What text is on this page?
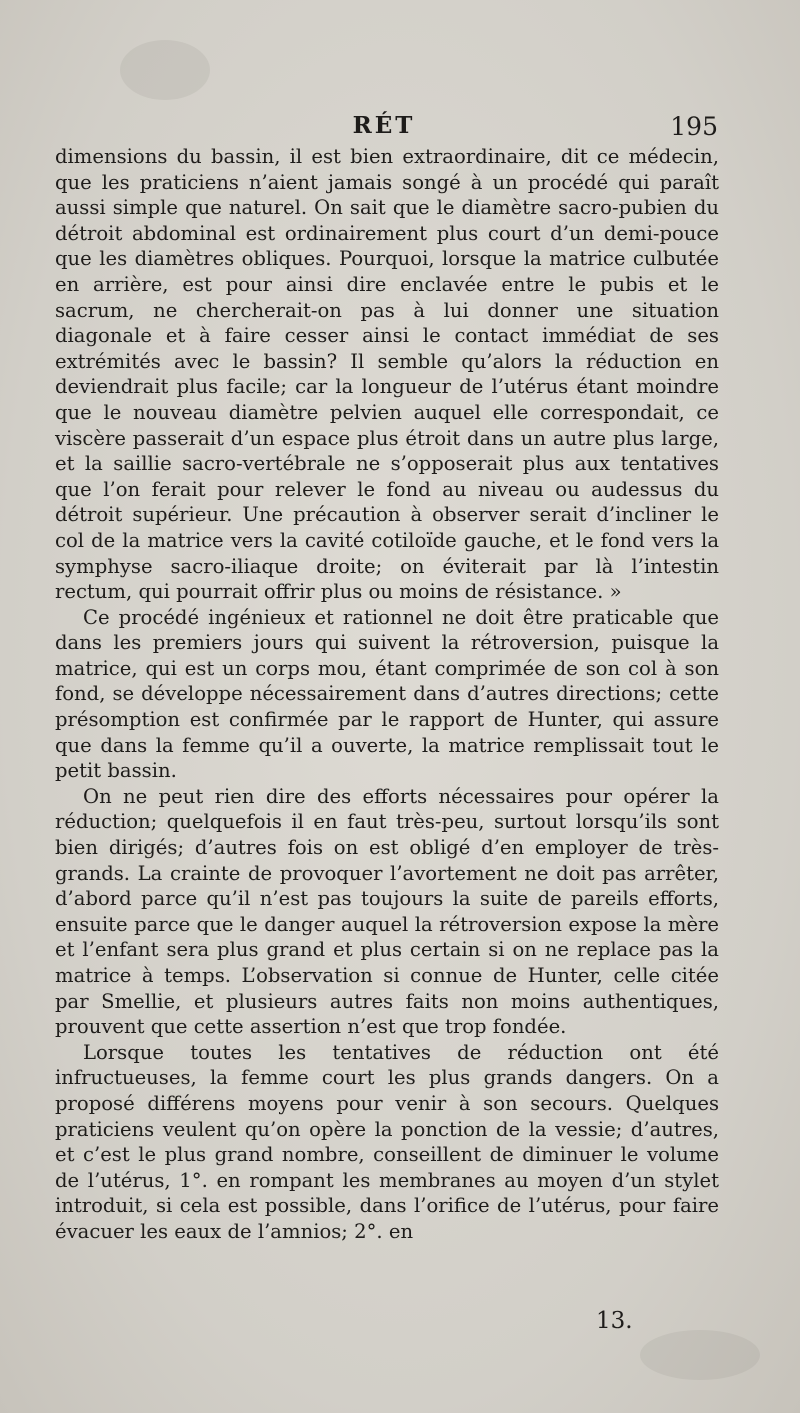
RÉT	195

dimensions du bassin, il est bien extraordinaire, dit ce médecin, que les praticiens n’aient jamais songé à un procédé qui paraît aussi simple que naturel. On sait que le diamètre sacro-pubien du détroit abdominal est ordinairement plus court d’un demi-pouce que les diamètres obliques. Pourquoi, lorsque la matrice culbutée en arrière, est pour ainsi dire enclavée entre le pubis et le sacrum, ne chercherait-on pas à lui donner une situation diagonale et à faire cesser ainsi le contact immédiat de ses extrémités avec le bassin? Il semble qu’alors la réduction en deviendrait plus facile; car la longueur de l’utérus étant moindre que le nouveau diamètre pelvien auquel elle correspondait, ce viscère passerait d’un espace plus étroit dans un autre plus large, et la saillie sacro-vertébrale ne s’opposerait plus aux tentatives que l’on ferait pour relever le fond au niveau ou audessus du détroit supérieur. Une précaution à observer serait d’incliner le col de la matrice vers la cavité cotiloïde gauche, et le fond vers la symphyse sacro-iliaque droite; on éviterait par là l’intestin rectum, qui pourrait offrir plus ou moins de résistance. »

Ce procédé ingénieux et rationnel ne doit être praticable que dans les premiers jours qui suivent la rétroversion, puisque la matrice, qui est un corps mou, étant comprimée de son col à son fond, se développe nécessairement dans d’autres directions; cette présomption est confirmée par le rapport de Hunter, qui assure que dans la femme qu’il a ouverte, la matrice remplissait tout le petit bassin.

On ne peut rien dire des efforts nécessaires pour opérer la réduction; quelquefois il en faut très-peu, surtout lorsqu’ils sont bien dirigés; d’autres fois on est obligé d’en employer de très-grands. La crainte de provoquer l’avortement ne doit pas arrêter, d’abord parce qu’il n’est pas toujours la suite de pareils efforts, ensuite parce que le danger auquel la rétroversion expose la mère et l’enfant sera plus grand et plus certain si on ne replace pas la matrice à temps. L’observation si connue de Hunter, celle citée par Smellie, et plusieurs autres faits non moins authentiques, prouvent que cette assertion n’est que trop fondée.

Lorsque toutes les tentatives de réduction ont été infructueuses, la femme court les plus grands dangers. On a proposé différens moyens pour venir à son secours. Quelques praticiens veulent qu’on opère la ponction de la vessie; d’autres, et c’est le plus grand nombre, conseillent de diminuer le volume de l’utérus, 1°. en rompant les membranes au moyen d’un stylet introduit, si cela est possible, dans l’orifice de l’utérus, pour faire évacuer les eaux de l’amnios; 2°. en

13.
